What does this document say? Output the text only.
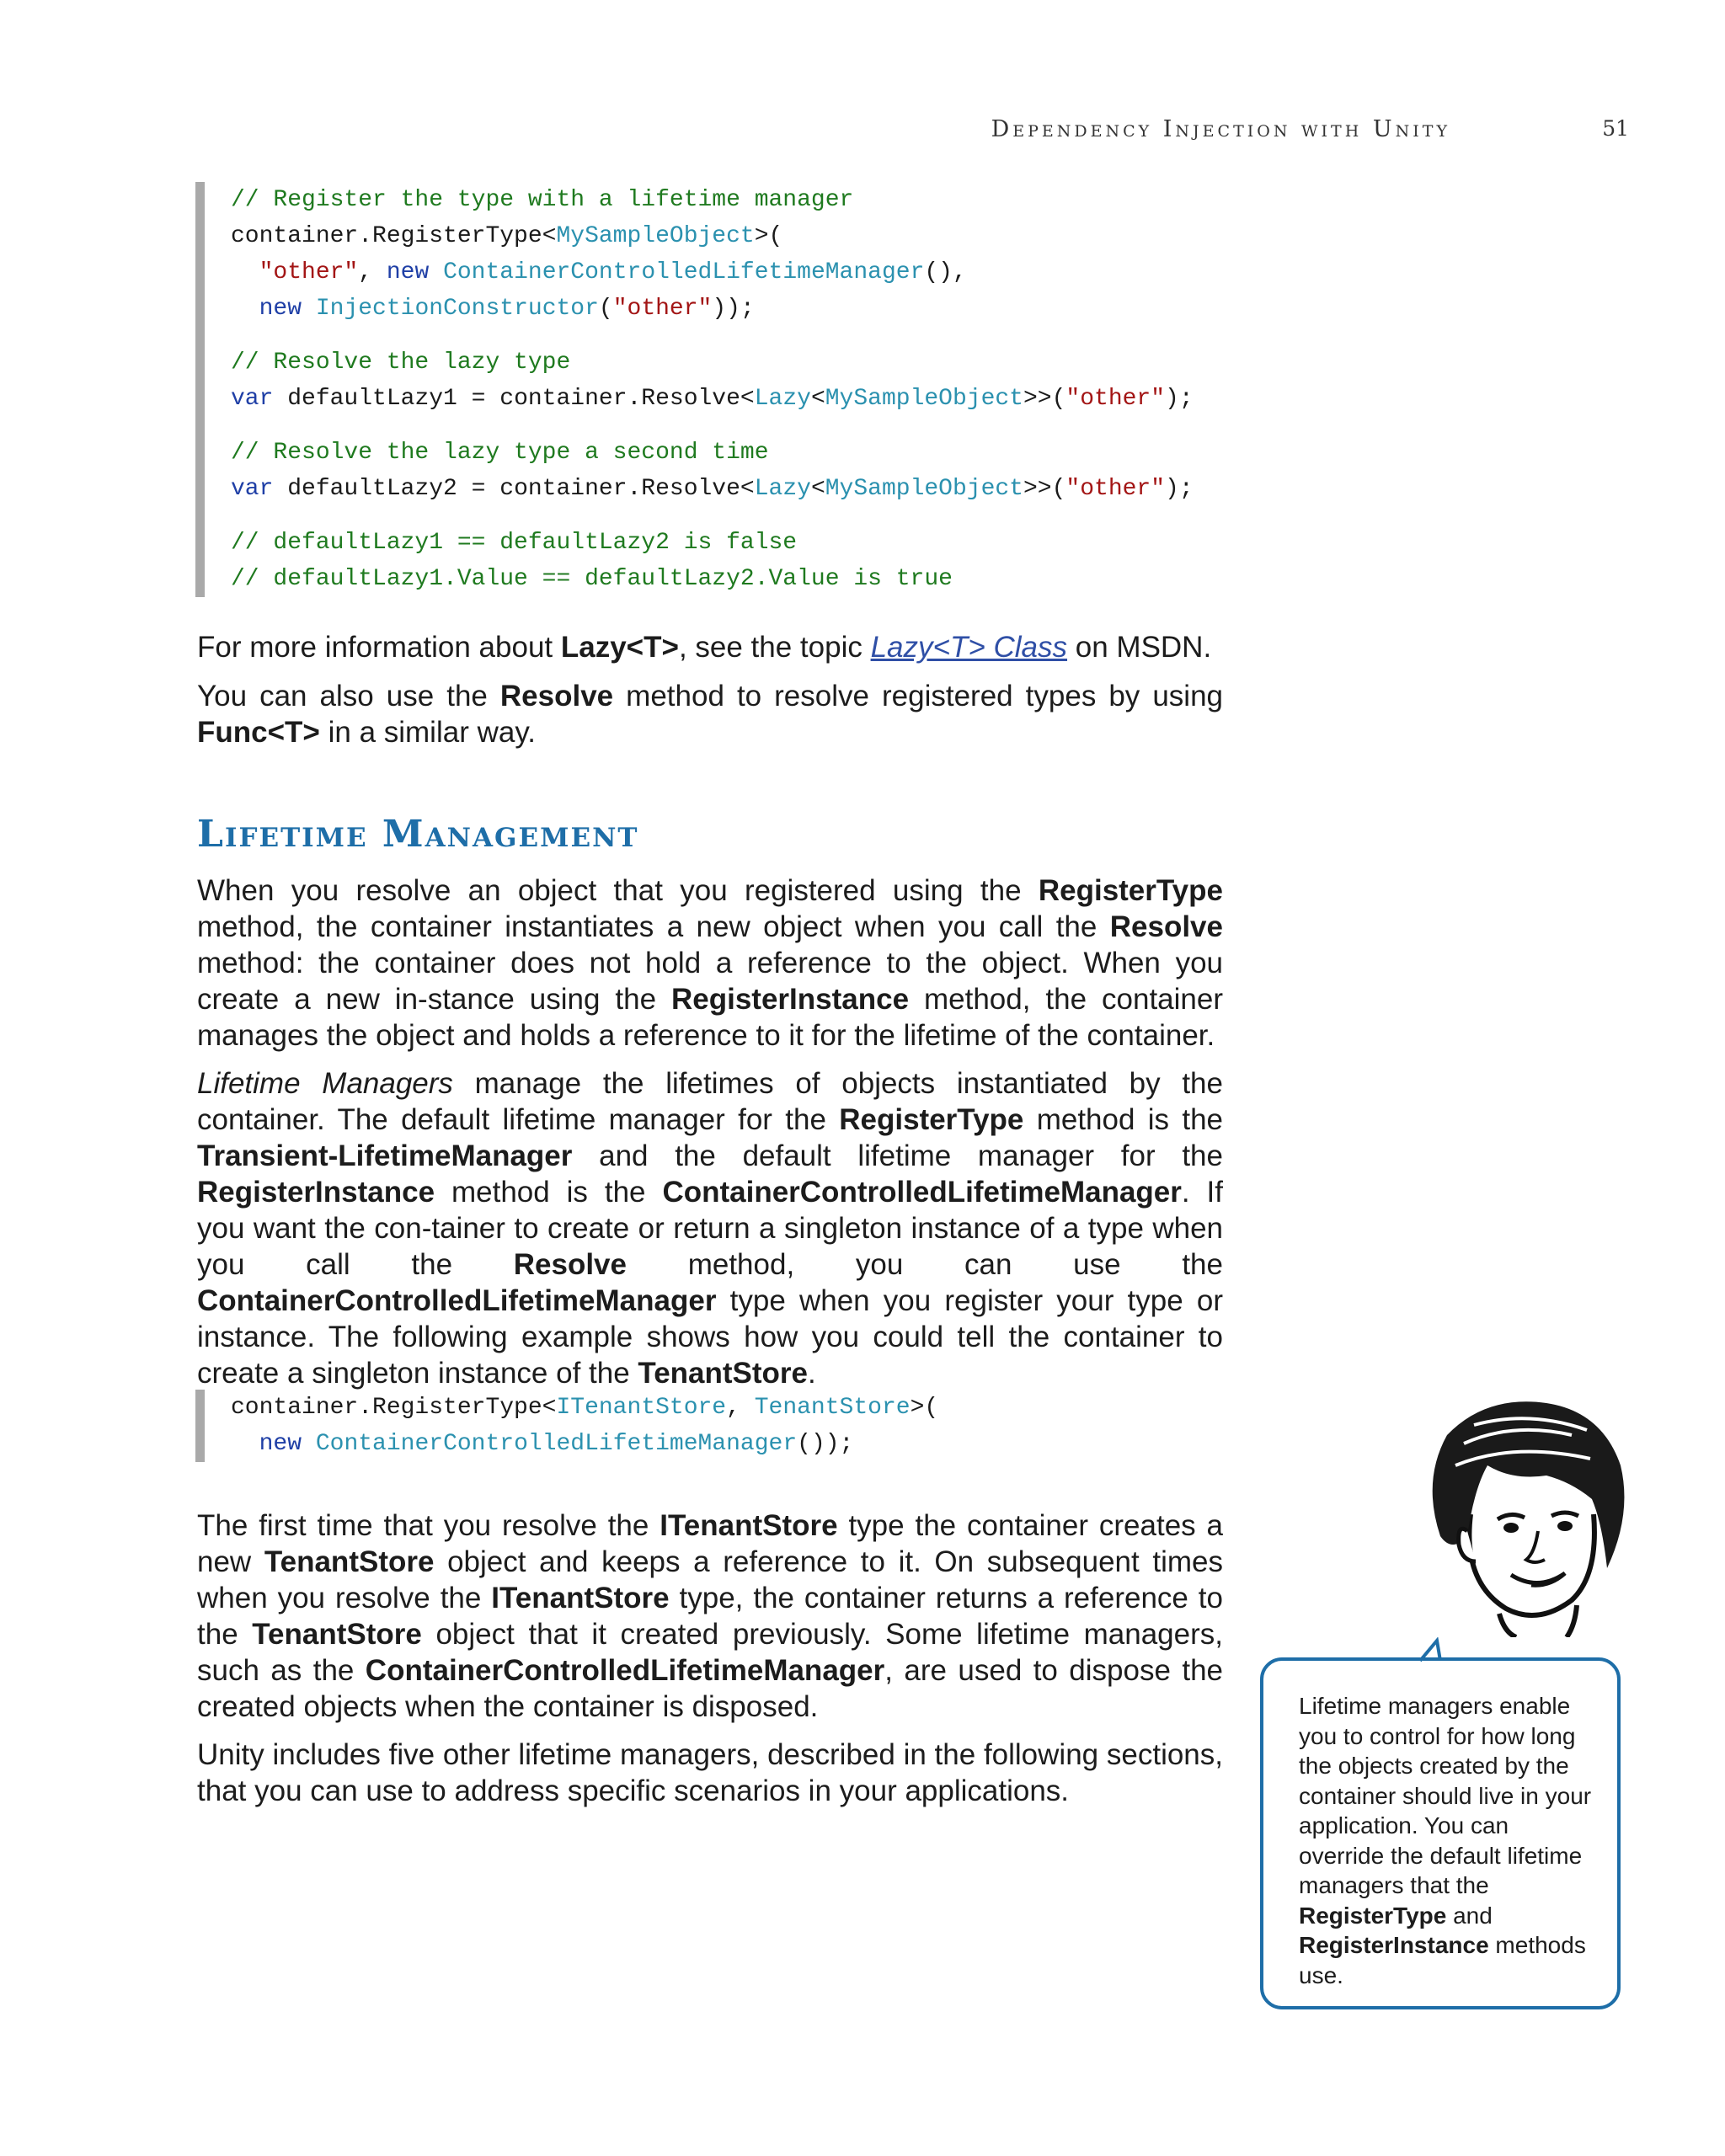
Dependency Injection with Unity	51
// Register the type with a lifetime manager
container.RegisterType<MySampleObject>(
"other", new ContainerControlledLifetimeManager(),
new InjectionConstructor("other"));
// Resolve the lazy type
var defaultLazy1 = container.Resolve<Lazy<MySampleObject>>("other");
// Resolve the lazy type a second time
var defaultLazy2 = container.Resolve<Lazy<MySampleObject>>("other");
// defaultLazy1 == defaultLazy2 is false
// defaultLazy1.Value == defaultLazy2.Value is true

For more information about Lazy<T>, see the topic Lazy<T> Class on MSDN.

You can also use the Resolve method to resolve registered types by using Func<T> in a similar way.

Lifetime Management

When you resolve an object that you registered using the RegisterType method, the container instantiates a new object when you call the Resolve method: the container does not hold a reference to the object. When you create a new in-stance using the RegisterInstance method, the container manages the object and holds a reference to it for the lifetime of the container.

Lifetime Managers manage the lifetimes of objects instantiated by the container. The default lifetime manager for the RegisterType method is the Transient-LifetimeManager and the default lifetime manager for the RegisterInstance method is the ContainerControlledLifetimeManager. If you want the con-tainer to create or return a singleton instance of a type when you call the Resolve method, you can use the ContainerControlledLifetimeManager type when you register your type or instance. The following example shows how you could tell the container to create a singleton instance of the TenantStore.

container.RegisterType<ITenantStore, TenantStore>(
new ContainerControlledLifetimeManager());

The first time that you resolve the ITenantStore type the container creates a new TenantStore object and keeps a reference to it. On subsequent times when you resolve the ITenantStore type, the container returns a reference to the TenantStore object that it created previously. Some lifetime managers, such as the ContainerControlledLifetimeManager, are used to dispose the created objects when the container is disposed.

Unity includes five other lifetime managers, described in the following sections, that you can use to address specific scenarios in your applications.

Lifetime managers enable you to control for how long the objects created by the container should live in your application. You can override the default lifetime managers that the RegisterType and RegisterInstance methods use.
